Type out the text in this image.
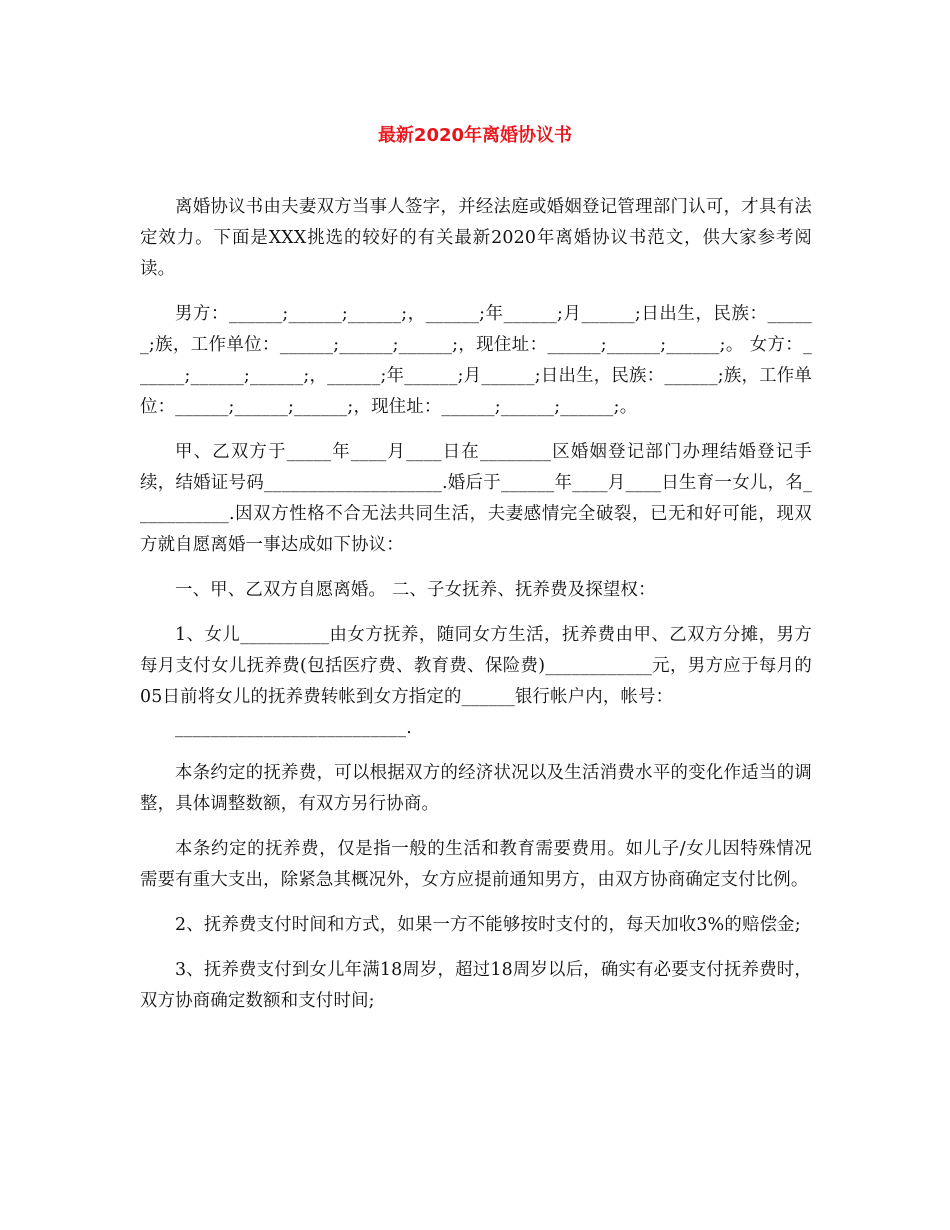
最新2020年离婚协议书

离婚协议书由夫妻双方当事人签字，并经法庭或婚姻登记管理部门认可，才具有法定效力。下面是XXX挑选的较好的有关最新2020年离婚协议书范文，供大家参考阅读。

男方：______;______;______;，______;年______;月______;日出生，民族：______;族，工作单位：______;______;______;，现住址：______;______;______;。 女方：______;______;______;，______;年______;月______;日出生，民族：______;族，工作单位：______;______;______;，现住址：______;______;______;。

甲、乙双方于_____年____月____日在________区婚姻登记部门办理结婚登记手续，结婚证号码____________________.婚后于______年____月____日生育一女儿，名___________.因双方性格不合无法共同生活，夫妻感情完全破裂，已无和好可能，现双方就自愿离婚一事达成如下协议：

一、甲、乙双方自愿离婚。 二、子女抚养、抚养费及探望权：

1、女儿__________由女方抚养，随同女方生活，抚养费由甲、乙双方分摊，男方每月支付女儿抚养费(包括医疗费、教育费、保险费)____________元，男方应于每月的05日前将女儿的抚养费转帐到女方指定的______银行帐户内，帐号：

__________________________.

本条约定的抚养费，可以根据双方的经济状况以及生活消费水平的变化作适当的调整，具体调整数额，有双方另行协商。

本条约定的抚养费，仅是指一般的生活和教育需要费用。如儿子/女儿因特殊情况需要有重大支出，除紧急其概况外，女方应提前通知男方，由双方协商确定支付比例。

2、抚养费支付时间和方式，如果一方不能够按时支付的，每天加收3%的赔偿金;

3、抚养费支付到女儿年满18周岁，超过18周岁以后，确实有必要支付抚养费时，双方协商确定数额和支付时间;
